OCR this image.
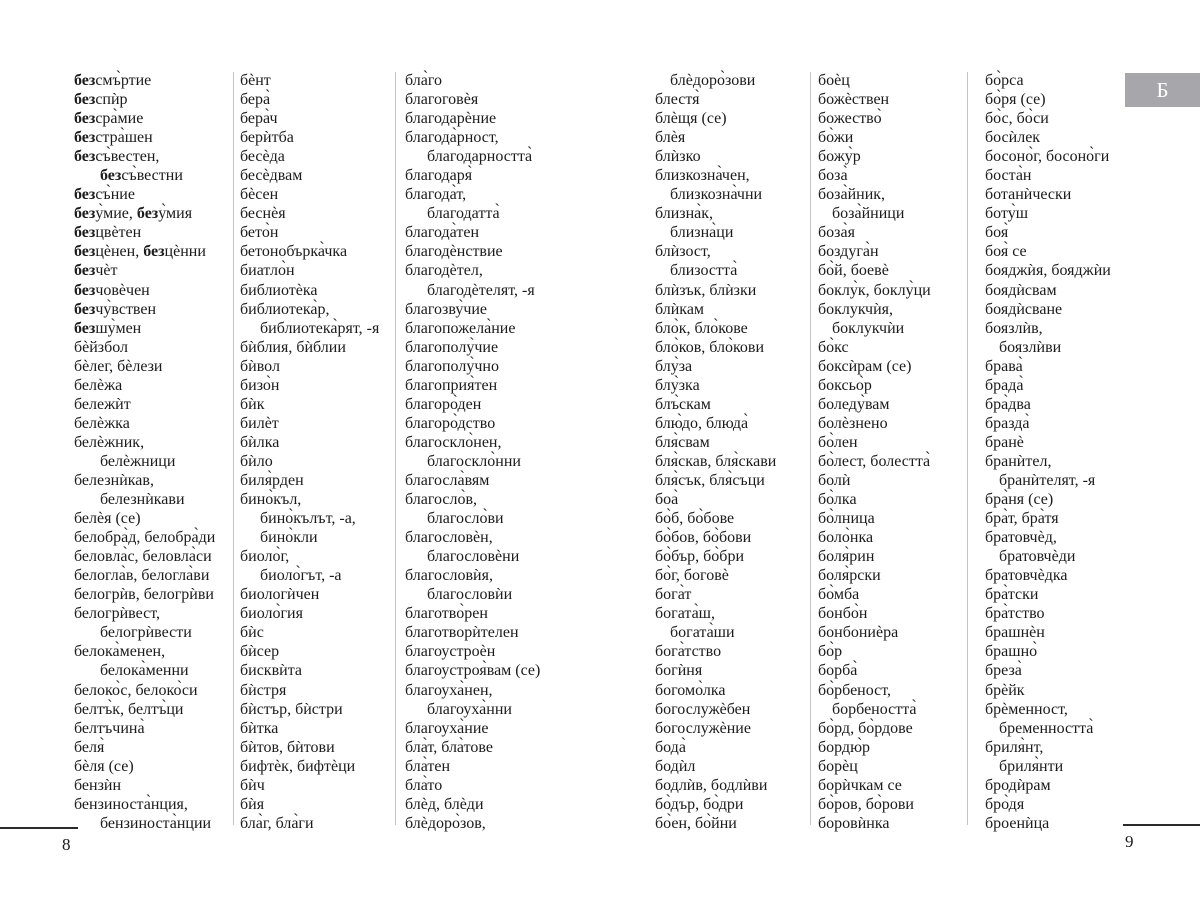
безсмъ̀ртие
безспѝр
безсра̀мие
безстра̀шен
безсъ̀вестен,
безсъ̀вестни
безсъ̀ние
безу̀мие, безу̀мия
безцвѐтен
безцѐнен, безцѐнни
безчѐт
безчовѐчен
безчу̀вствен
безшу̀мен
бѐйзбол
бѐлег, бѐлези
белѐжа
бележѝт
белѐжка
белѐжник,
белѐжници
белезнѝкав,
белезнѝкави
белѐя (се)
белобра̀д, белобра̀ди
беловла̀с, беловла̀си
белогла̀в, белогла̀ви
белогрѝв, белогрѝви
белогрѝвест,
белогрѝвести
белока̀менен,
белока̀менни
белоко̀с, белоко̀си
белтъ̀к, белтъ̀ци
белтъчина̀
беля̀
бѐля (се)
бензѝн
бензиноста̀нция,
бензиноста̀нции
бѐнт
бера̀
бера̀ч
берѝтба
бесѐда
бесѐдвам
бѐсен
беснѐя
бето̀н
бетонобърка̀чка
биатло̀н
библиотѐка
библиотека̀р,
библиотека̀рят, -я
бѝблия, бѝблии
бѝвол
бизо̀н
бѝк
билѐт
бѝлка
бѝло
биля̀рден
бино̀къл,
бино̀кълът, -а,
бино̀кли
биоло̀г,
биоло̀гът, -а
биологѝчен
биоло̀гия
бѝс
бѝсер
бисквѝта
бѝстря
бѝстър, бѝстри
бѝтка
бѝтов, бѝтови
бифтѐк, бифтѐци
бѝч
бѝя
бла̀г, бла̀ги
бла̀го
благоговѐя
благодарѐние
благода̀рност,
благодарността̀
благодаря̀
благода̀т,
благодатта̀
благода̀тен
благодѐнствие
благодѐтел,
благодѐтелят, -я
благозву̀чие
благопожела̀ние
благополу̀чие
благополу̀чно
благоприя̀тен
благоро̀ден
благоро̀дство
благоскло̀нен,
благоскло̀нни
благосла̀вям
благосло̀в,
благосло̀ви
благословѐн,
благословѐни
благословѝя,
благословѝи
благотво̀рен
благотворѝтелен
благоустроѐн
благоустроя̀вам (се)
благоуха̀нен,
благоуха̀нни
благоуха̀ние
бла̀т, бла̀тове
бла̀тен
бла̀то
блѐд, блѐди
блѐдоро̀зов,
блѐдоро̀зови
блестя̀
блѐщя (се)
блѐя
блѝзко
близкозна̀чен,
близкозна̀чни
близна̀к,
близна̀ци
блѝзост,
близостта̀
блѝзък, блѝзки
блѝкам
бло̀к, бло̀кове
бло̀ков, бло̀кови
блу̀за
блу̀зка
блъ̀скам
блю̀до, блюда̀
бля̀свам
бля̀скав, бля̀скави
бля̀сък, бля̀съци
боа̀
бо̀б, бо̀бове
бо̀бов, бо̀бови
бо̀бър, бо̀бри
бо̀г, боговѐ
бога̀т
богата̀ш,
богата̀ши
бога̀тство
богѝня
богомо̀лка
богослужѐбен
богослужѐние
бода̀
бодѝл
бодлѝв, бодлѝви
бо̀дър, бо̀дри
бо̀ен, бо̀йни
боѐц
божѐствен
божество̀
бо̀жи
божу̀р
боза̀
боза̀йник,
боза̀йници
боза̀я
боздуга̀н
бо̀й, боевѐ
боклу̀к, боклу̀ци
боклукчѝя,
боклукчѝи
бо̀кс
боксѝрам (се)
боксьо̀р
боледу̀вам
болѐзнено
бо̀лен
бо̀лест, болестта̀
болѝ
бо̀лка
бо̀лница
боло̀нка
боля̀рин
боля̀рски
бо̀мба
бонбо̀н
бонбониѐра
бо̀р
борба̀
бо̀рбеност,
борбеността̀
бо̀рд, бо̀рдове
бордю̀р
борѐц
борѝчкам се
бо̀ров, бо̀рови
боровѝнка
бо̀рса
бо̀ря (се)
бо̀с, бо̀си
босѝлек
босоно̀г, босоно̀ги
боста̀н
ботанѝчески
боту̀ш
боя̀
боя̀ се
бояджѝя, бояджѝи
боядѝсвам
боядѝсване
боязлѝв,
боязлѝви
брава̀
брада̀
бра̀два
бразда̀
бранѐ
бранѝтел,
бранѝтелят, -я
бра̀ня (се)
бра̀т, бра̀тя
братовчѐд,
братовчѐди
братовчѐдка
бра̀тски
бра̀тство
брашнѐн
брашно̀
бреза̀
брѐйк
брѐменност,
бременността̀
бриля̀нт,
бриля̀нти
бродѝрам
бро̀дя
броенѝца
Б
8	9
